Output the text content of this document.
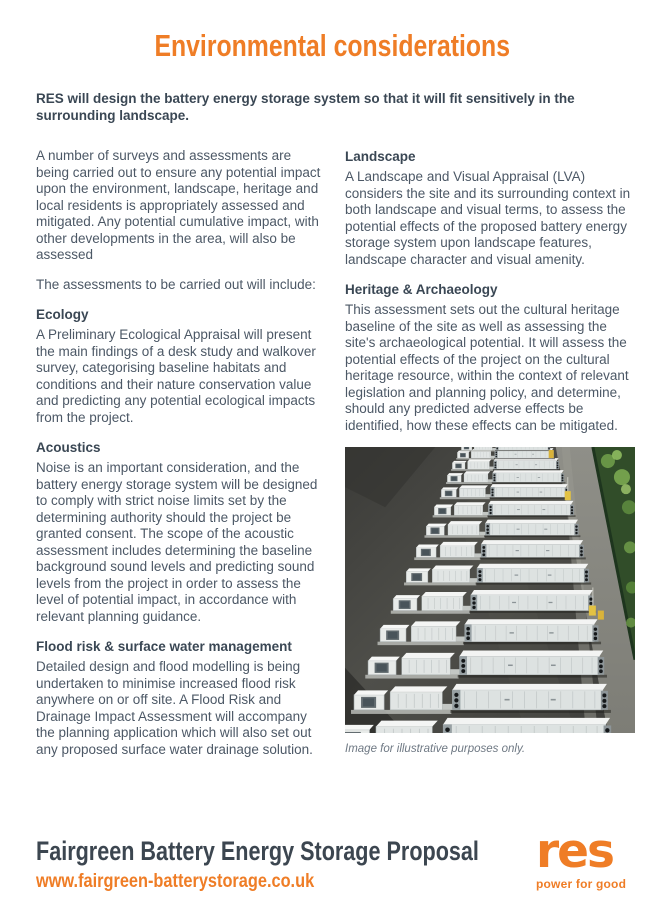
Environmental considerations

RES will design the battery energy storage system so that it will fit sensitively in the surrounding landscape.

A number of surveys and assessments are being carried out to ensure any potential impact upon the environment, landscape, heritage and local residents is appropriately assessed and mitigated. Any potential cumulative impact, with other developments in the area, will also be assessed

The assessments to be carried out will include:

Ecology

A Preliminary Ecological Appraisal will present the main findings of a desk study and walkover survey, categorising baseline habitats and conditions and their nature conservation value and predicting any potential ecological impacts from the project.

Acoustics

Noise is an important consideration, and the battery energy storage system will be designed to comply with strict noise limits set by the determining authority should the project be granted consent. The scope of the acoustic assessment includes determining the baseline background sound levels and predicting sound levels from the project in order to assess the level of potential impact, in accordance with relevant planning guidance.

Flood risk & surface water management

Detailed design and flood modelling is being undertaken to minimise increased flood risk anywhere on or off site. A Flood Risk and Drainage Impact Assessment will accompany the planning application which will also set out any proposed surface water drainage solution.

Landscape

A Landscape and Visual Appraisal (LVA) considers the site and its surrounding context in both landscape and visual terms, to assess the potential effects of the proposed battery energy storage system upon landscape features, landscape character and visual amenity.

Heritage & Archaeology

This assessment sets out the cultural heritage baseline of the site as well as assessing the site's archaeological potential. It will assess the potential effects of the project on the cultural heritage resource, within the context of relevant legislation and planning policy, and determine, should any predicted adverse effects be identified, how these effects can be mitigated.

Image for illustrative purposes only.
Fairgreen Battery Energy Storage Proposal
www.fairgreen-batterystorage.co.uk
res
power for good
